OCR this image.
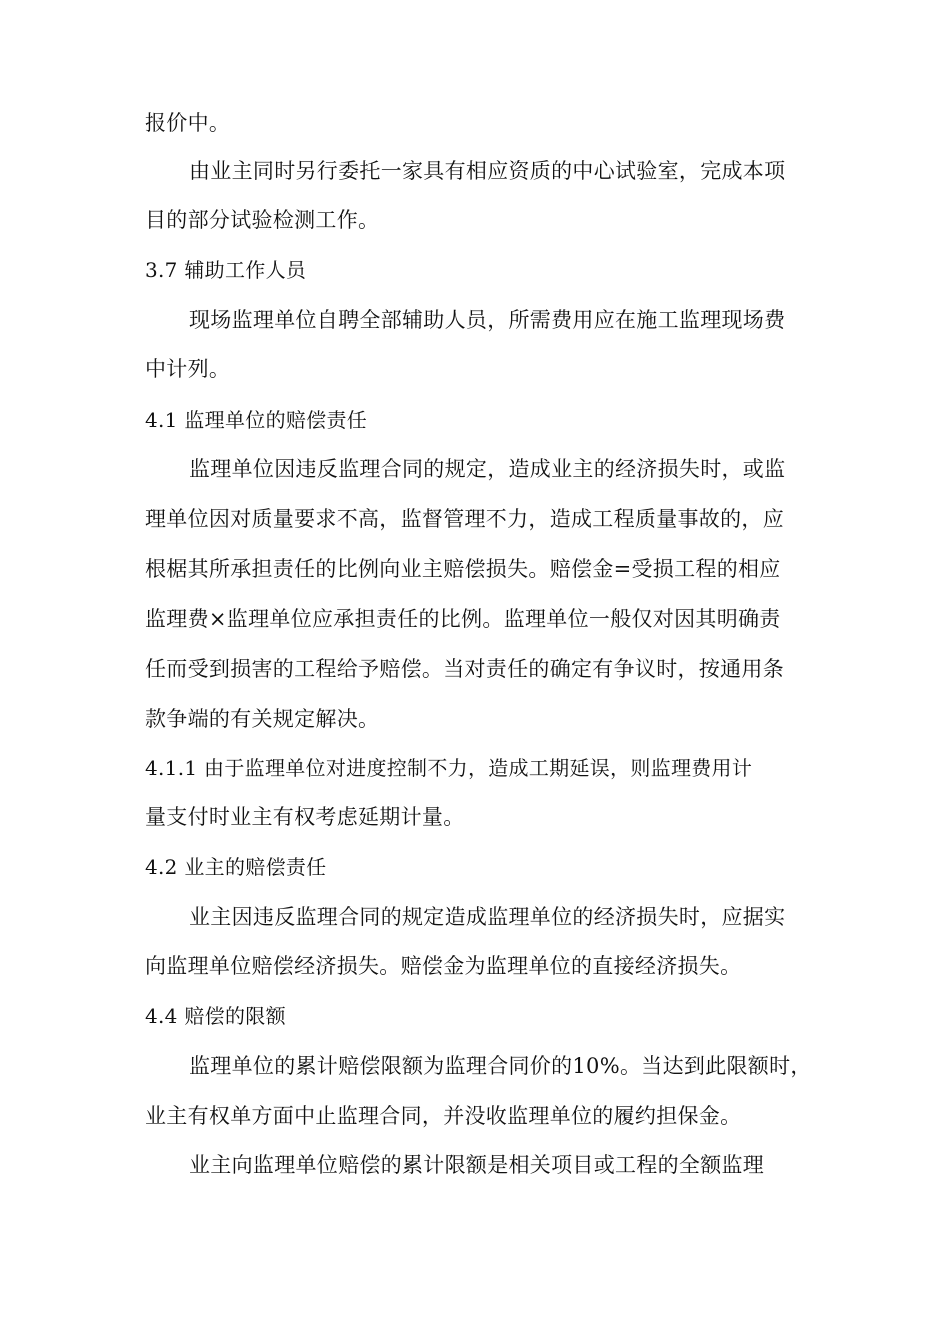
报价中。

由业主同时另行委托一家具有相应资质的中心试验室，完成本项

目的部分试验检测工作。

3.7 辅助工作人员

现场监理单位自聘全部辅助人员，所需费用应在施工监理现场费

中计列。

4.1 监理单位的赔偿责任

监理单位因违反监理合同的规定，造成业主的经济损失时，或监

理单位因对质量要求不高，监督管理不力，造成工程质量事故的，应

根椐其所承担责任的比例向业主赔偿损失。赔偿金=受损工程的相应

监理费×监理单位应承担责任的比例。监理单位一般仅对因其明确责

任而受到损害的工程给予赔偿。当对责任的确定有争议时，按通用条

款争端的有关规定解决。

4.1.1 由于监理单位对进度控制不力，造成工期延误，则监理费用计

量支付时业主有权考虑延期计量。

4.2 业主的赔偿责任

业主因违反监理合同的规定造成监理单位的经济损失时，应据实

向监理单位赔偿经济损失。赔偿金为监理单位的直接经济损失。

4.4 赔偿的限额

监理单位的累计赔偿限额为监理合同价的10%。当达到此限额时，

业主有权单方面中止监理合同，并没收监理单位的履约担保金。

业主向监理单位赔偿的累计限额是相关项目或工程的全额监理
